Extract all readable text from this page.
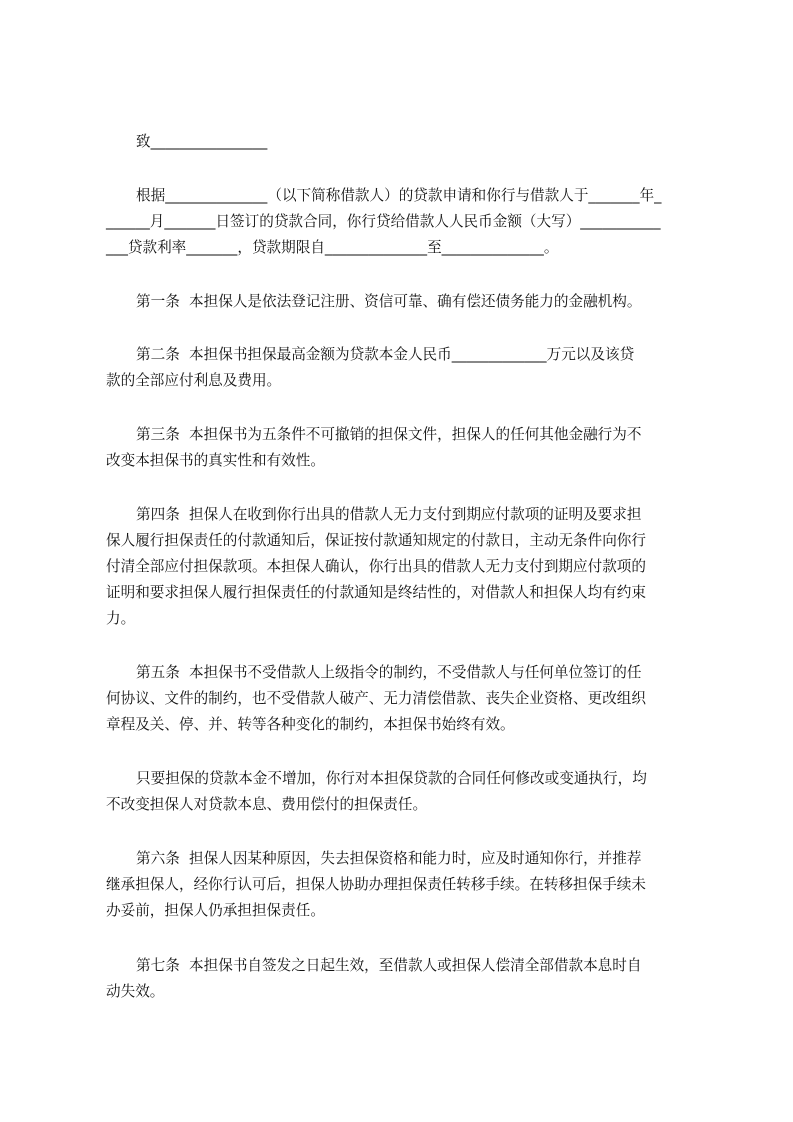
致________________
根据______________（以下简称借款人）的贷款申请和你行与借款人于_______年_
______月_______日签订的贷款合同，你行贷给借款人人民币金额（大写）___________
___贷款利率_______，贷款期限自______________至______________。
第一条  本担保人是依法登记注册、资信可靠、确有偿还债务能力的金融机构。
第二条  本担保书担保最高金额为贷款本金人民币_____________万元以及该贷
款的全部应付利息及费用。
第三条  本担保书为五条件不可撤销的担保文件，担保人的任何其他金融行为不
改变本担保书的真实性和有效性。
第四条  担保人在收到你行出具的借款人无力支付到期应付款项的证明及要求担
保人履行担保责任的付款通知后，保证按付款通知规定的付款日，主动无条件向你行
付清全部应付担保款项。本担保人确认，你行出具的借款人无力支付到期应付款项的
证明和要求担保人履行担保责任的付款通知是终结性的，对借款人和担保人均有约束
力。
第五条  本担保书不受借款人上级指令的制约，不受借款人与任何单位签订的任
何协议、文件的制约，也不受借款人破产、无力清偿借款、丧失企业资格、更改组织
章程及关、停、并、转等各种变化的制约，本担保书始终有效。
只要担保的贷款本金不增加，你行对本担保贷款的合同任何修改或变通执行，均
不改变担保人对贷款本息、费用偿付的担保责任。
第六条  担保人因某种原因，失去担保资格和能力时，应及时通知你行，并推荐
继承担保人，经你行认可后，担保人协助办理担保责任转移手续。在转移担保手续未
办妥前，担保人仍承担担保责任。
第七条  本担保书自签发之日起生效，至借款人或担保人偿清全部借款本息时自
动失效。
